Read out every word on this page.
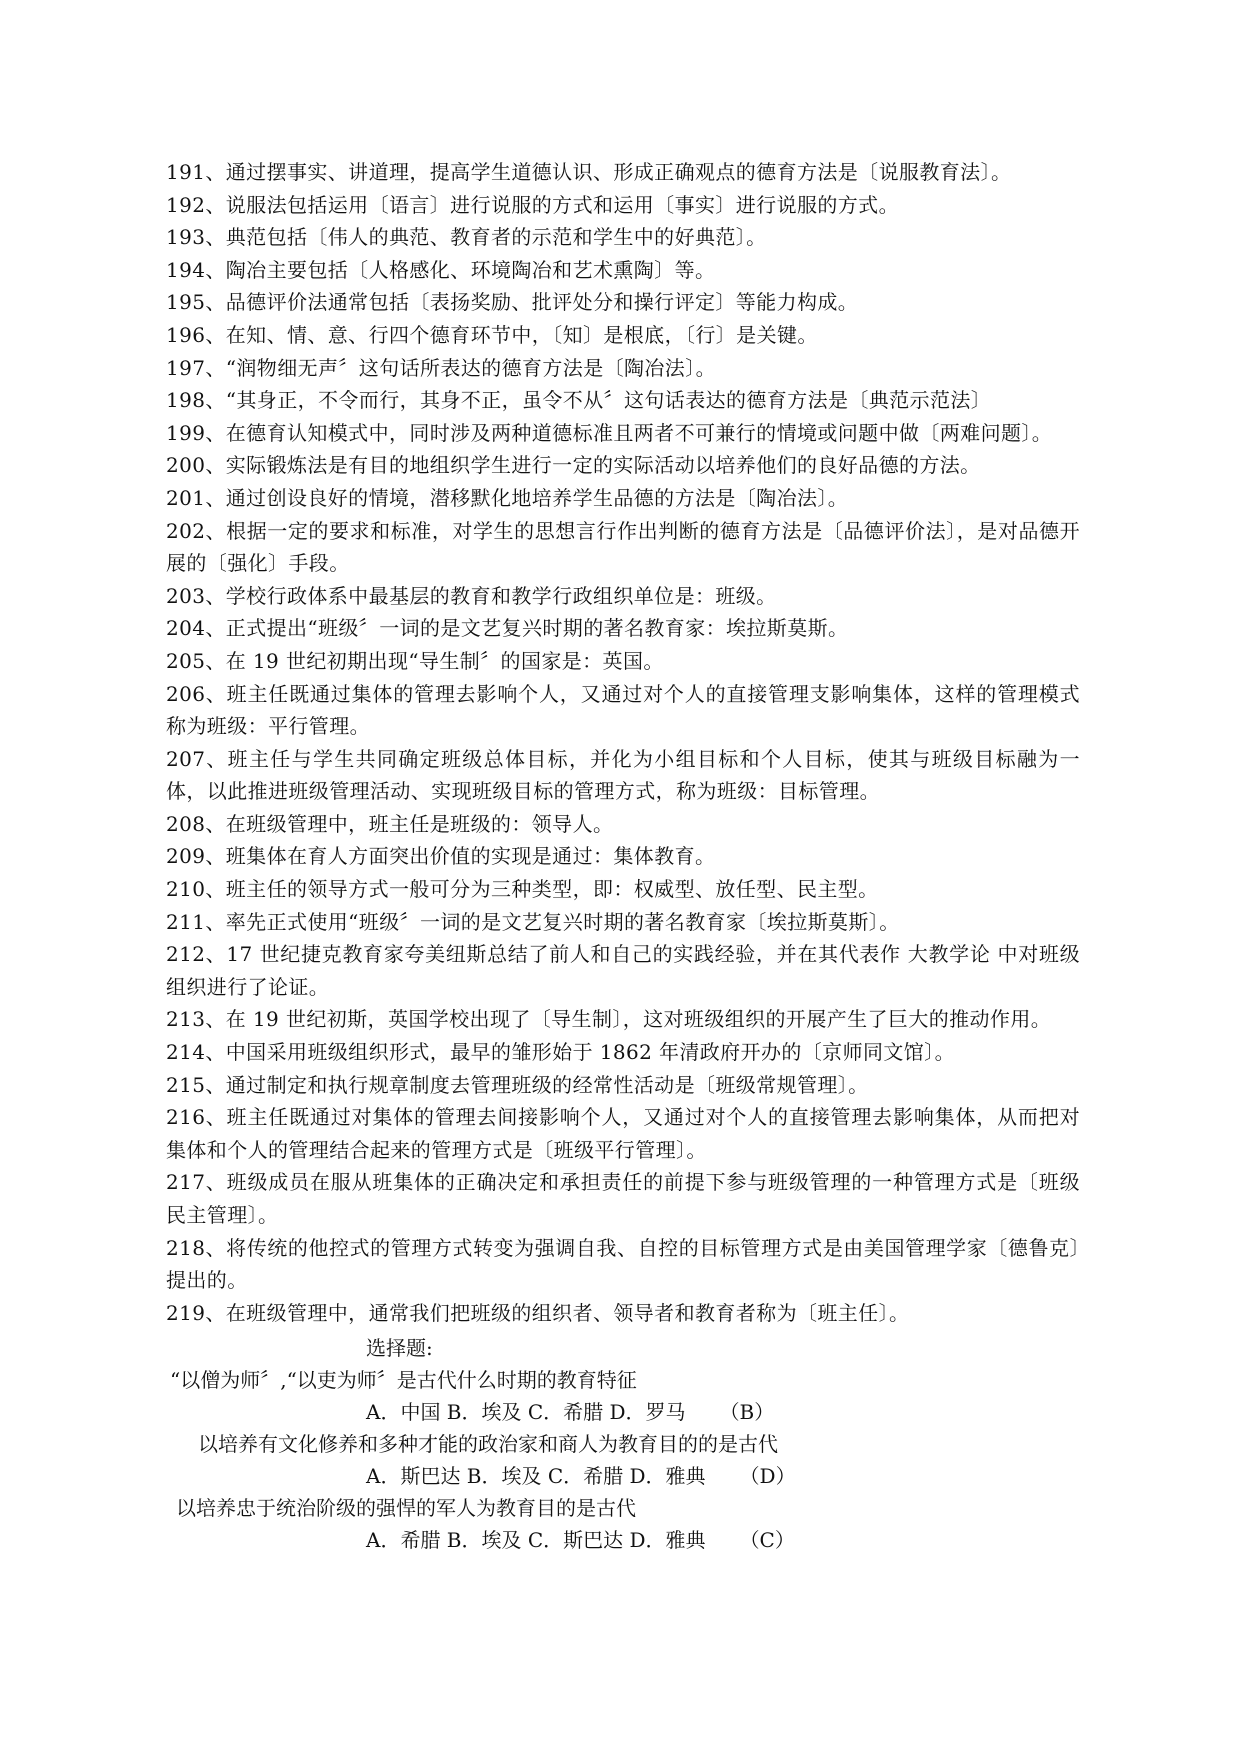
191、通过摆事实、讲道理，提高学生道德认识、形成正确观点的德育方法是〔说服教育法〕。

192、说服法包括运用〔语言〕进行说服的方式和运用〔事实〕进行说服的方式。

193、典范包括〔伟人的典范、教育者的示范和学生中的好典范〕。

194、陶冶主要包括〔人格感化、环境陶冶和艺术熏陶〕等。

195、品德评价法通常包括〔表扬奖励、批评处分和操行评定〕等能力构成。

196、在知、情、意、行四个德育环节中，〔知〕是根底，〔行〕是关键。

197、“润物细无声〞这句话所表达的德育方法是〔陶冶法〕。

198、“其身正，不令而行，其身不正，虽令不从〞这句话表达的德育方法是〔典范示范法〕

199、在德育认知模式中，同时涉及两种道德标准且两者不可兼行的情境或问题中做〔两难问题〕。

200、实际锻炼法是有目的地组织学生进行一定的实际活动以培养他们的良好品德的方法。

201、通过创设良好的情境，潜移默化地培养学生品德的方法是〔陶冶法〕。

202、根据一定的要求和标准，对学生的思想言行作出判断的德育方法是〔品德评价法〕，是对品德开展的〔强化〕手段。

203、学校行政体系中最基层的教育和教学行政组织单位是：班级。

204、正式提出“班级〞一词的是文艺复兴时期的著名教育家：埃拉斯莫斯。

205、在 19 世纪初期出现“导生制〞的国家是：英国。

206、班主任既通过集体的管理去影响个人，又通过对个人的直接管理支影响集体，这样的管理模式称为班级：平行管理。

207、班主任与学生共同确定班级总体目标，并化为小组目标和个人目标，使其与班级目标融为一体，以此推进班级管理活动、实现班级目标的管理方式，称为班级：目标管理。

208、在班级管理中，班主任是班级的：领导人。

209、班集体在育人方面突出价值的实现是通过：集体教育。

210、班主任的领导方式一般可分为三种类型，即：权威型、放任型、民主型。

211、率先正式使用“班级〞一词的是文艺复兴时期的著名教育家〔埃拉斯莫斯〕。

212、17 世纪捷克教育家夸美纽斯总结了前人和自己的实践经验，并在其代表作 大教学论 中对班级组织进行了论证。

213、在 19 世纪初斯，英国学校出现了〔导生制〕，这对班级组织的开展产生了巨大的推动作用。

214、中国采用班级组织形式，最早的雏形始于 1862 年清政府开办的〔京师同文馆〕。

215、通过制定和执行规章制度去管理班级的经常性活动是〔班级常规管理〕。

216、班主任既通过对集体的管理去间接影响个人，又通过对个人的直接管理去影响集体，从而把对集体和个人的管理结合起来的管理方式是〔班级平行管理〕。

217、班级成员在服从班集体的正确决定和承担责任的前提下参与班级管理的一种管理方式是〔班级民主管理〕。

218、将传统的他控式的管理方式转变为强调自我、自控的目标管理方式是由美国管理学家〔德鲁克〕提出的。

219、在班级管理中，通常我们把班级的组织者、领导者和教育者称为〔班主任〕。

选择题:
“以僧为师〞,“以吏为师〞是古代什么时期的教育特征
A．中国 B．埃及 C．希腊 D．罗马 （B）
以培养有文化修养和多种才能的政治家和商人为教育目的的是古代
A．斯巴达 B．埃及 C．希腊 D．雅典 （D）
以培养忠于统治阶级的强悍的军人为教育目的是古代
A．希腊 B．埃及 C．斯巴达 D．雅典 （C）
